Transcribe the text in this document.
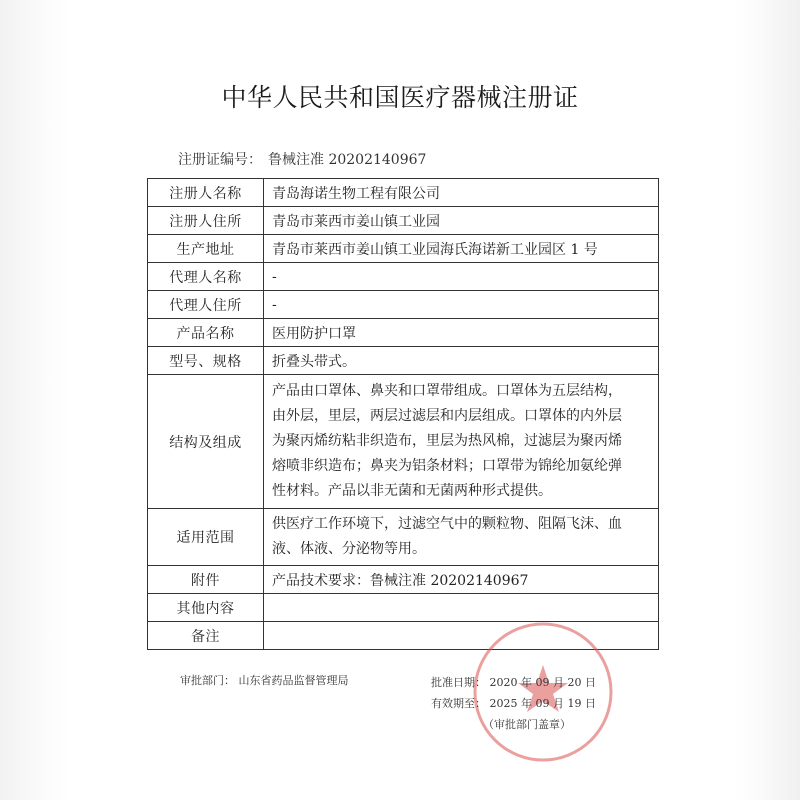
中华人民共和国医疗器械注册证
注册证编号： 鲁械注准 20202140967
注册人名称	青岛海诺生物工程有限公司
注册人住所	青岛市莱西市姜山镇工业园
生产地址	青岛市莱西市姜山镇工业园海氏海诺新工业园区 1 号
代理人名称	-
代理人住所	-
产品名称	医用防护口罩
型号、规格	折叠头带式。
结构及组成	产品由口罩体、鼻夹和口罩带组成。口罩体为五层结构，
由外层，里层，两层过滤层和内层组成。口罩体的内外层
为聚丙烯纺粘非织造布，里层为热风棉，过滤层为聚丙烯
熔喷非织造布；鼻夹为铝条材料；口罩带为锦纶加氨纶弹
性材料。产品以非无菌和无菌两种形式提供。

适用范围	供医疗工作环境下，过滤空气中的颗粒物、阻隔飞沫、血
液、体液、分泌物等用。

附件	产品技术要求：鲁械注准 20202140967
其他内容	
备注	
审批部门： 山东省药品监督管理局	批准日期： 2020 年 09 月 20 日
有效期至： 2025 年 09 月 19 日
（审批部门盖章）
